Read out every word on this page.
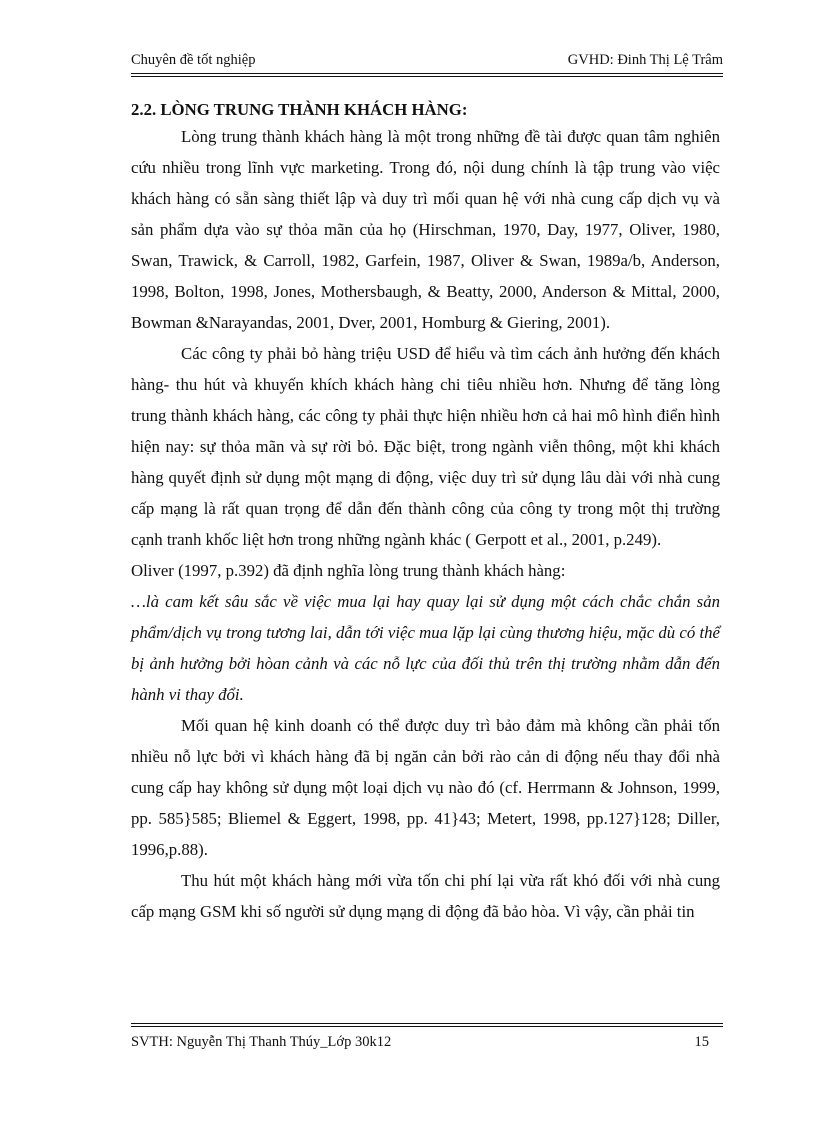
Chuyên đề tốt nghiệp	GVHD: Đinh Thị Lệ Trâm

2.2. LÒNG TRUNG THÀNH KHÁCH HÀNG:

Lòng trung thành khách hàng là một trong những đề tài được quan tâm nghiên cứu nhiều trong lĩnh vực marketing. Trong đó, nội dung chính là tập trung vào việc khách hàng có sẵn sàng thiết lập và duy trì mối quan hệ với nhà cung cấp dịch vụ và sản phẩm dựa vào sự thỏa mãn của họ (Hirschman, 1970, Day, 1977, Oliver, 1980, Swan, Trawick, & Carroll, 1982, Garfein, 1987, Oliver & Swan, 1989a/b, Anderson, 1998, Bolton, 1998, Jones, Mothersbaugh, & Beatty, 2000, Anderson & Mittal, 2000, Bowman &Narayandas, 2001, Dver, 2001, Homburg & Giering, 2001).

Các công ty phải bỏ hàng triệu USD để hiểu và tìm cách ảnh hưởng đến khách hàng- thu hút và khuyến khích khách hàng chi tiêu nhiều hơn. Nhưng để tăng lòng trung thành khách hàng, các công ty phải thực hiện nhiều hơn cả hai mô hình điển hình hiện nay: sự thỏa mãn và sự rời bỏ. Đặc biệt, trong ngành viễn thông, một khi khách hàng quyết định sử dụng một mạng di động, việc duy trì sử dụng lâu dài với nhà cung cấp mạng là rất quan trọng để dẫn đến thành công của công ty trong một thị trường cạnh tranh khốc liệt hơn trong những ngành khác ( Gerpott et al., 2001, p.249).

Oliver (1997, p.392) đã định nghĩa lòng trung thành khách hàng:

…là cam kết sâu sắc về việc mua lại hay quay lại sử dụng một cách chắc chắn sản phẩm/dịch vụ trong tương lai, dẫn tới việc mua lặp lại cùng thương hiệu, mặc dù có thể bị ảnh hưởng bởi hòan cảnh và các nỗ lực của đối thủ trên thị trường nhằm dẫn đến hành vi thay đổi.

Mối quan hệ kinh doanh có thể được duy trì bảo đảm mà không cần phải tốn nhiều nỗ lực bởi vì khách hàng đã bị ngăn cản bởi rào cản di động nếu thay đổi nhà cung cấp hay không sử dụng một loại dịch vụ nào đó (cf. Herrmann & Johnson, 1999, pp. 585}585; Bliemel & Eggert, 1998, pp. 41}43; Metert, 1998, pp.127}128; Diller, 1996,p.88).

Thu hút một khách hàng mới vừa tốn chi phí lại vừa rất khó đối với nhà cung cấp mạng GSM khi số người sử dụng mạng di động đã bảo hòa. Vì vậy, cần phải tin

SVTH: Nguyễn Thị Thanh Thúy_Lớp 30k12	15
